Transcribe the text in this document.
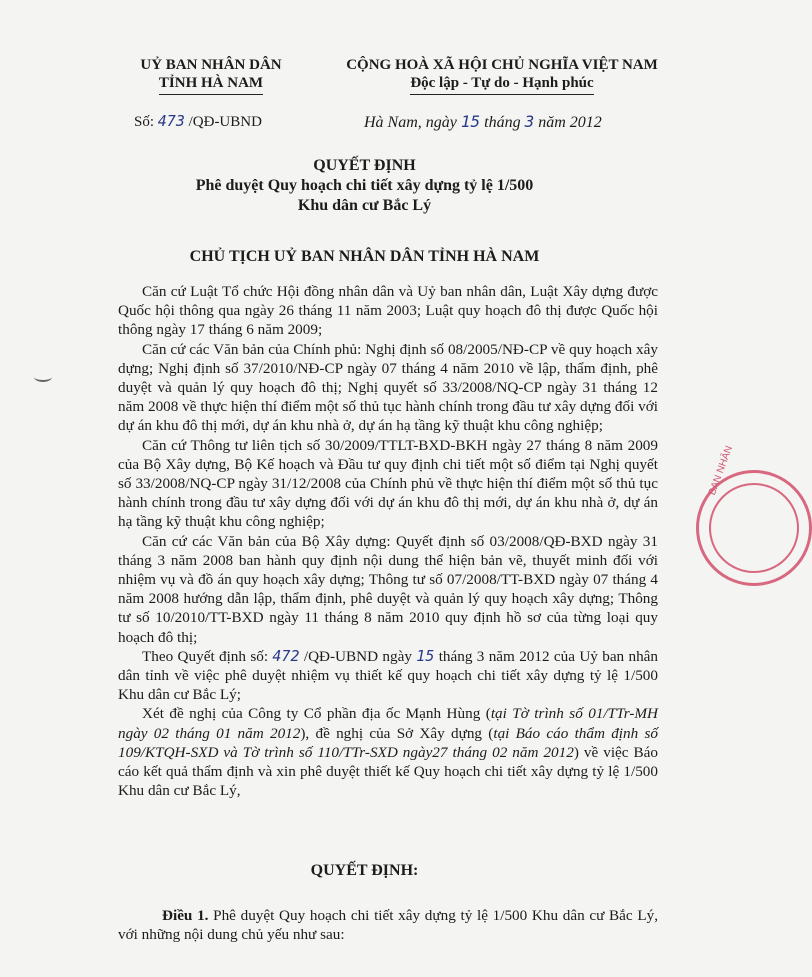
UỶ BAN NHÂN DÂN
TỈNH HÀ NAM
CỘNG HOÀ XÃ HỘI CHỦ NGHĨA VIỆT NAM
Độc lập - Tự do - Hạnh phúc
Số: 473 /QĐ-UBND	Hà Nam, ngày 15 tháng 3 năm 2012
QUYẾT ĐỊNH
Phê duyệt Quy hoạch chi tiết xây dựng tỷ lệ 1/500
Khu dân cư Bắc Lý
CHỦ TỊCH UỶ BAN NHÂN DÂN TỈNH HÀ NAM

Căn cứ Luật Tổ chức Hội đồng nhân dân và Uỷ ban nhân dân, Luật Xây dựng được Quốc hội thông qua ngày 26 tháng 11 năm 2003; Luật quy hoạch đô thị được Quốc hội thông ngày 17 tháng 6 năm 2009;

Căn cứ các Văn bản của Chính phủ: Nghị định số 08/2005/NĐ-CP về quy hoạch xây dựng; Nghị định số 37/2010/NĐ-CP ngày 07 tháng 4 năm 2010 về lập, thẩm định, phê duyệt và quản lý quy hoạch đô thị; Nghị quyết số 33/2008/NQ-CP ngày 31 tháng 12 năm 2008 về thực hiện thí điểm một số thủ tục hành chính trong đầu tư xây dựng đối với dự án khu đô thị mới, dự án khu nhà ở, dự án hạ tầng kỹ thuật khu công nghiệp;

Căn cứ Thông tư liên tịch số 30/2009/TTLT-BXD-BKH ngày 27 tháng 8 năm 2009 của Bộ Xây dựng, Bộ Kế hoạch và Đầu tư quy định chi tiết một số điểm tại Nghị quyết số 33/2008/NQ-CP ngày 31/12/2008 của Chính phủ về thực hiện thí điểm một số thủ tục hành chính trong đầu tư xây dựng đối với dự án khu đô thị mới, dự án khu nhà ở, dự án hạ tầng kỹ thuật khu công nghiệp;

Căn cứ các Văn bản của Bộ Xây dựng: Quyết định số 03/2008/QĐ-BXD ngày 31 tháng 3 năm 2008 ban hành quy định nội dung thể hiện bản vẽ, thuyết minh đối với nhiệm vụ và đồ án quy hoạch xây dựng; Thông tư số 07/2008/TT-BXD ngày 07 tháng 4 năm 2008 hướng dẫn lập, thẩm định, phê duyệt và quản lý quy hoạch xây dựng; Thông tư số 10/2010/TT-BXD ngày 11 tháng 8 năm 2010 quy định hồ sơ của từng loại quy hoạch đô thị;

Theo Quyết định số: 472 /QĐ-UBND ngày 15 tháng 3 năm 2012 của Uỷ ban nhân dân tỉnh về việc phê duyệt nhiệm vụ thiết kế quy hoạch chi tiết xây dựng tỷ lệ 1/500 Khu dân cư Bắc Lý;

Xét đề nghị của Công ty Cổ phần địa ốc Mạnh Hùng (tại Tờ trình số 01/TTr-MH ngày 02 tháng 01 năm 2012), đề nghị của Sở Xây dựng (tại Báo cáo thẩm định số 109/KTQH-SXD và Tờ trình số 110/TTr-SXD ngày27 tháng 02 năm 2012) về việc Báo cáo kết quả thẩm định và xin phê duyệt thiết kế Quy hoạch chi tiết xây dựng tỷ lệ 1/500 Khu dân cư Bắc Lý,

QUYẾT ĐỊNH:

Điều 1. Phê duyệt Quy hoạch chi tiết xây dựng tỷ lệ 1/500 Khu dân cư Bắc Lý, với những nội dung chủ yếu như sau:

BAN NHÂN
